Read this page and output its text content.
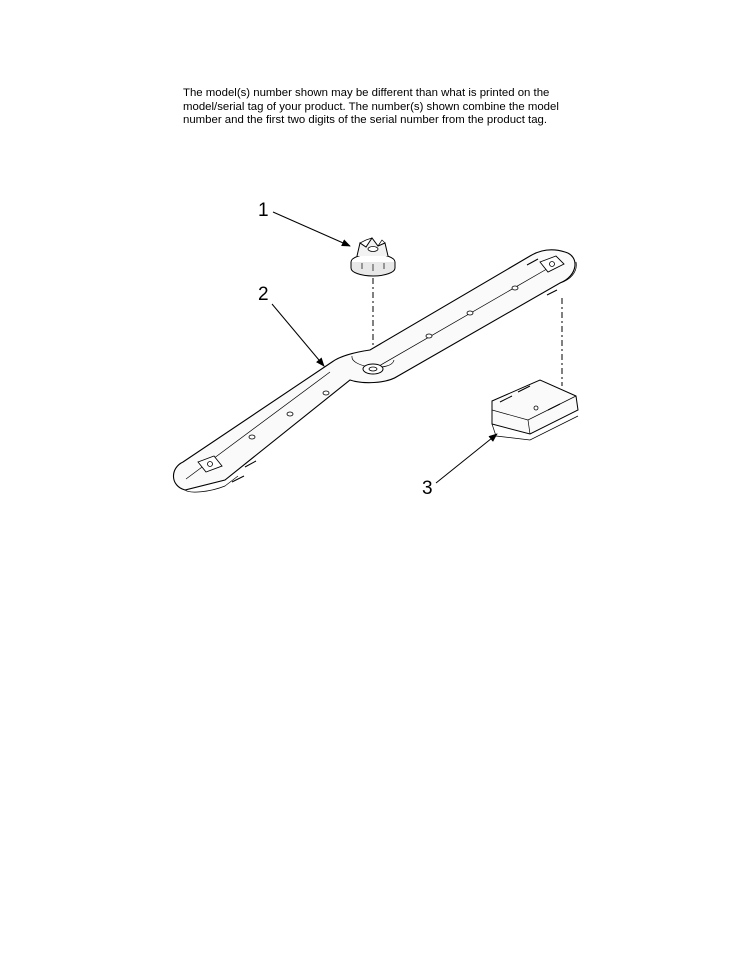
The model(s) number shown may be different than what is printed on the
model/serial tag of your product. The number(s) shown combine the model
number and the first two digits of the serial number from the product tag.

1
2
3
